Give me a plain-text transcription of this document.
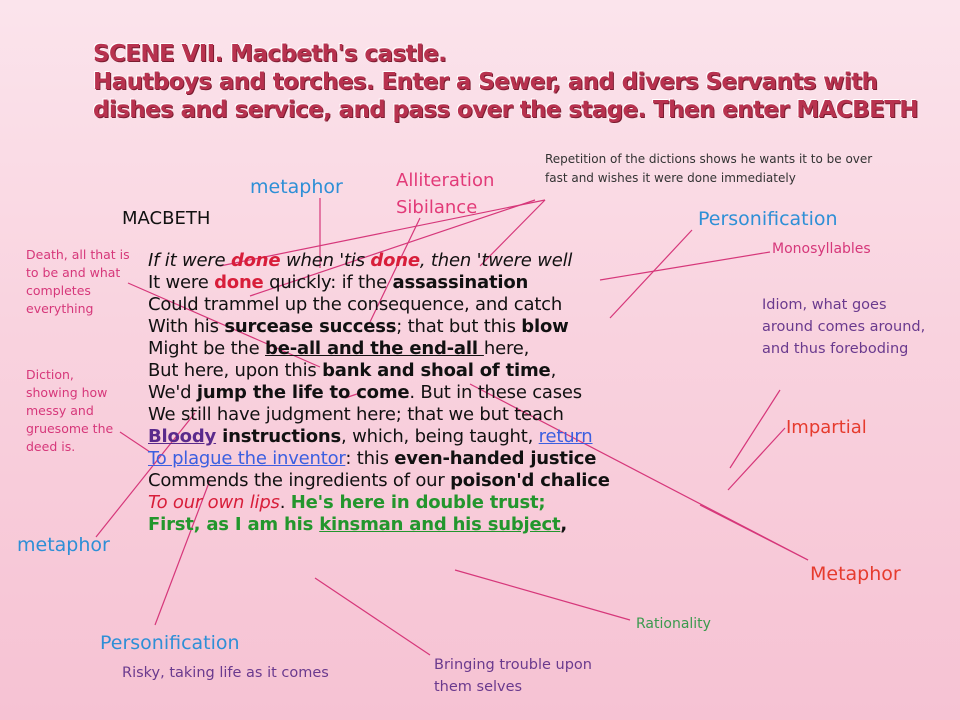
SCENE VII. Macbeth's castle.
Hautboys and torches. Enter a Sewer, and divers Servants with
dishes and service, and pass over the stage. Then enter MACBETH
MACBETH
If it were done when 'tis done, then 'twere well
It were done quickly: if the assassination
Could trammel up the consequence, and catch
With his surcease success; that but this blow
Might be the be-all and the end-all here,
But here, upon this bank and shoal of time,
We'd jump the life to come. But in these cases
We still have judgment here; that we but teach
Bloody instructions, which, being taught, return
To plague the inventor: this even-handed justice
Commends the ingredients of our poison'd chalice
To our own lips. He's here in double trust;
First, as I am his kinsman and his subject,
metaphor	Alliteration
Sibilance
Repetition of the dictions shows he wants it to be over fast and wishes it were done immediately
Personification
Monosyllables
Death, all that is to be and what completes everything	Idiom, what goes around comes around, and thus foreboding
Diction, showing how messy and gruesome the deed is.
Impartial
metaphor
Metaphor
Rationality
Personification
Risky, taking life as it comes	Bringing trouble upon them selves
